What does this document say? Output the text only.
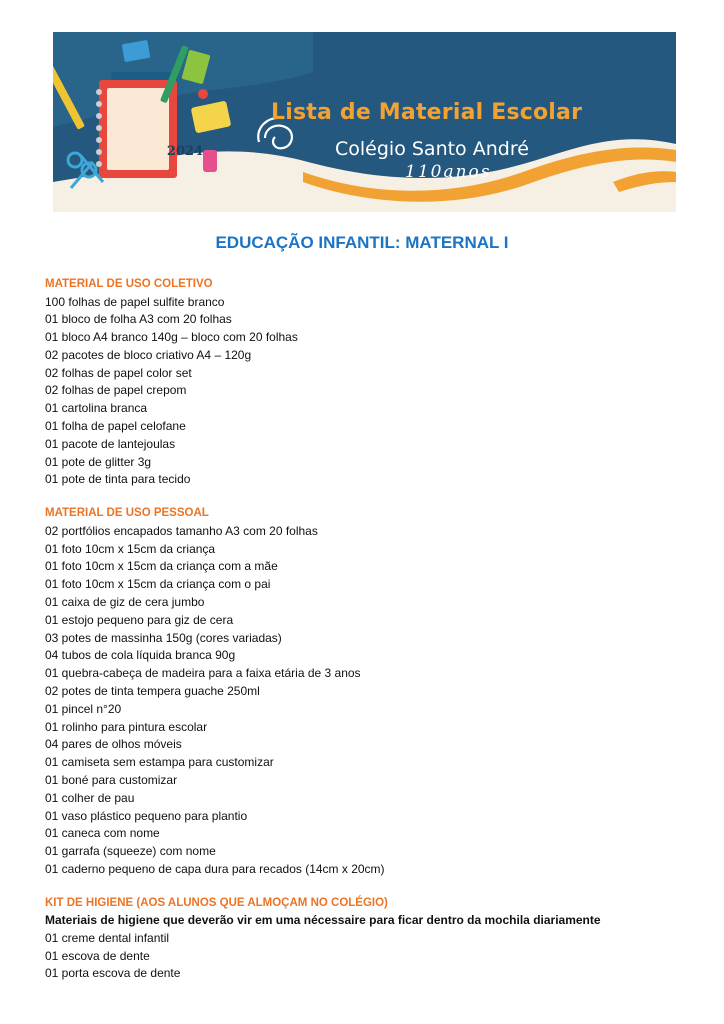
2024
Lista de Material Escolar
Colégio Santo André
110anos
EDUCAÇÃO INFANTIL: MATERNAL I
MATERIAL DE USO COLETIVO
100 folhas de papel sulfite branco
01 bloco de folha A3 com 20 folhas
01 bloco A4 branco 140g – bloco com 20 folhas
02 pacotes de bloco criativo A4 – 120g
02 folhas de papel color set
02 folhas de papel crepom
01 cartolina branca
01 folha de papel celofane
01 pacote de lantejoulas
01 pote de glitter 3g
01 pote de tinta para tecido
MATERIAL DE USO PESSOAL
02 portfólios encapados tamanho A3 com 20 folhas
01 foto 10cm x 15cm da criança
01 foto 10cm x 15cm da criança com a mãe
01 foto 10cm x 15cm da criança com o pai
01 caixa de giz de cera jumbo
01 estojo pequeno para giz de cera
03 potes de massinha 150g (cores variadas)
04 tubos de cola líquida branca 90g
01 quebra-cabeça de madeira para a faixa etária de 3 anos
02 potes de tinta tempera guache 250ml
01 pincel n°20
01 rolinho para pintura escolar
04 pares de olhos móveis
01 camiseta sem estampa para customizar
01 boné para customizar
01 colher de pau
01 vaso plástico pequeno para plantio
01 caneca com nome
01 garrafa (squeeze) com nome
01 caderno pequeno de capa dura para recados (14cm x 20cm)
KIT DE HIGIENE (AOS ALUNOS QUE ALMOÇAM NO COLÉGIO)
Materiais de higiene que deverão vir em uma nécessaire para ficar dentro da mochila diariamente
01 creme dental infantil
01 escova de dente
01 porta escova de dente
